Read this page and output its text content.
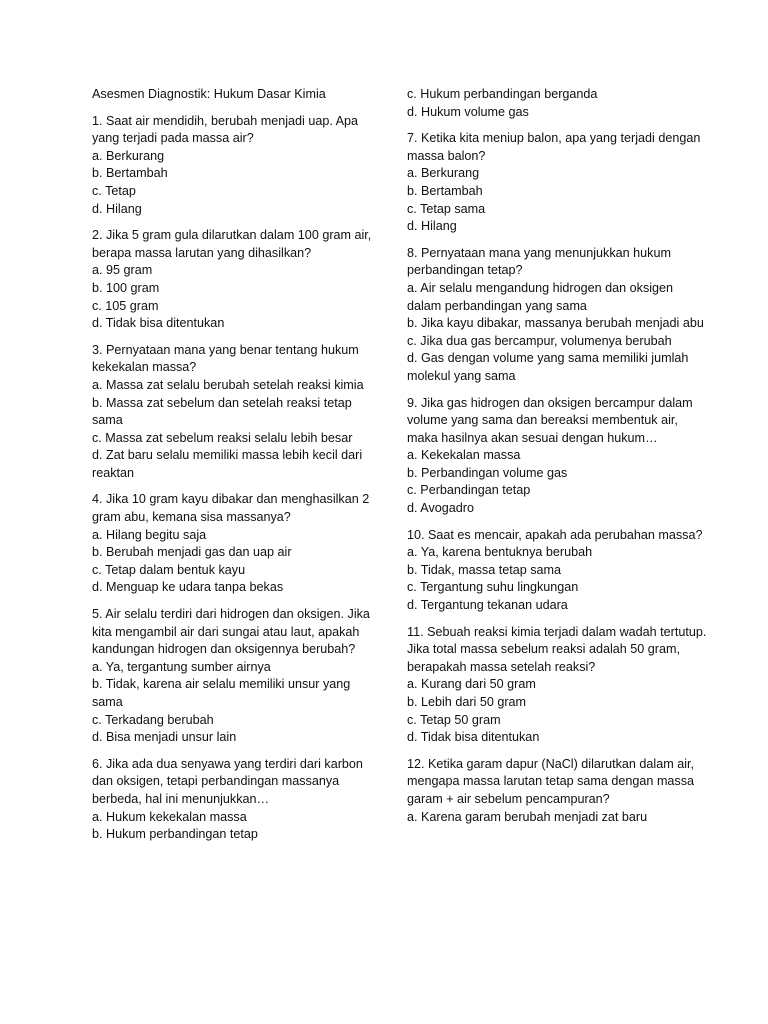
Asesmen Diagnostik: Hukum Dasar Kimia
1. Saat air mendidih, berubah menjadi uap. Apa yang terjadi pada massa air?
a. Berkurang
b. Bertambah
c. Tetap
d. Hilang
2. Jika 5 gram gula dilarutkan dalam 100 gram air, berapa massa larutan yang dihasilkan?
a. 95 gram
b. 100 gram
c. 105 gram
d. Tidak bisa ditentukan
3. Pernyataan mana yang benar tentang hukum kekekalan massa?
a. Massa zat selalu berubah setelah reaksi kimia
b. Massa zat sebelum dan setelah reaksi tetap sama
c. Massa zat sebelum reaksi selalu lebih besar
d. Zat baru selalu memiliki massa lebih kecil dari reaktan
4. Jika 10 gram kayu dibakar dan menghasilkan 2 gram abu, kemana sisa massanya?
a. Hilang begitu saja
b. Berubah menjadi gas dan uap air
c. Tetap dalam bentuk kayu
d. Menguap ke udara tanpa bekas
5. Air selalu terdiri dari hidrogen dan oksigen. Jika kita mengambil air dari sungai atau laut, apakah kandungan hidrogen dan oksigennya berubah?
a. Ya, tergantung sumber airnya
b. Tidak, karena air selalu memiliki unsur yang sama
c. Terkadang berubah
d. Bisa menjadi unsur lain
6. Jika ada dua senyawa yang terdiri dari karbon dan oksigen, tetapi perbandingan massanya berbeda, hal ini menunjukkan…
a. Hukum kekekalan massa
b. Hukum perbandingan tetap
c. Hukum perbandingan berganda
d. Hukum volume gas
7. Ketika kita meniup balon, apa yang terjadi dengan massa balon?
a. Berkurang
b. Bertambah
c. Tetap sama
d. Hilang
8. Pernyataan mana yang menunjukkan hukum perbandingan tetap?
a. Air selalu mengandung hidrogen dan oksigen dalam perbandingan yang sama
b. Jika kayu dibakar, massanya berubah menjadi abu
c. Jika dua gas bercampur, volumenya berubah
d. Gas dengan volume yang sama memiliki jumlah molekul yang sama
9. Jika gas hidrogen dan oksigen bercampur dalam volume yang sama dan bereaksi membentuk air, maka hasilnya akan sesuai dengan hukum…
a. Kekekalan massa
b. Perbandingan volume gas
c. Perbandingan tetap
d. Avogadro
10. Saat es mencair, apakah ada perubahan massa?
a. Ya, karena bentuknya berubah
b. Tidak, massa tetap sama
c. Tergantung suhu lingkungan
d. Tergantung tekanan udara
11. Sebuah reaksi kimia terjadi dalam wadah tertutup. Jika total massa sebelum reaksi adalah 50 gram, berapakah massa setelah reaksi?
a. Kurang dari 50 gram
b. Lebih dari 50 gram
c. Tetap 50 gram
d. Tidak bisa ditentukan
12. Ketika garam dapur (NaCl) dilarutkan dalam air, mengapa massa larutan tetap sama dengan massa garam + air sebelum pencampuran?
a. Karena garam berubah menjadi zat baru
